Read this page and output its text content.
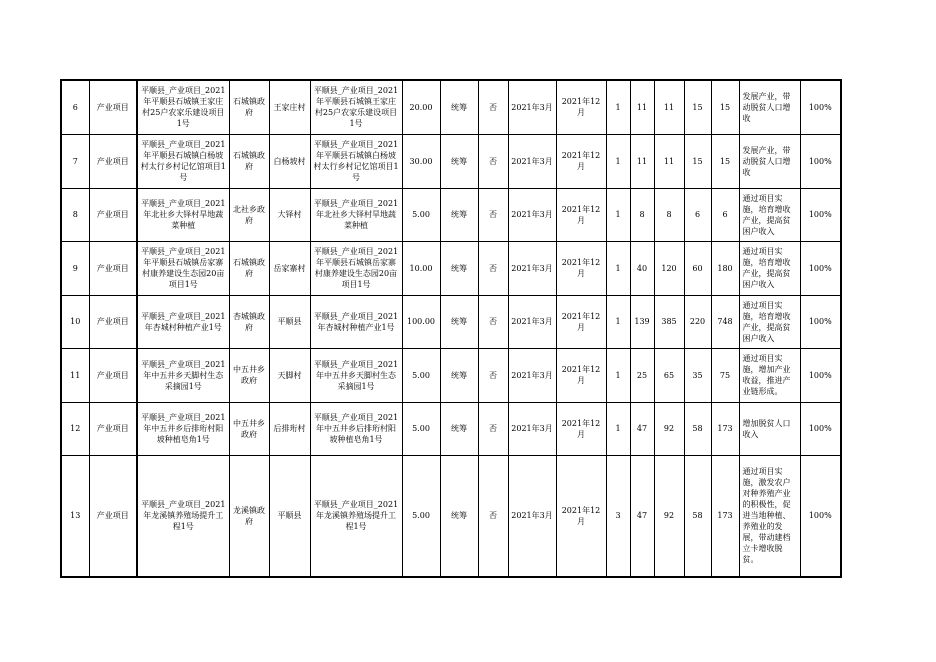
6	产业项目	平顺县_产业项目_2021年平顺县石城镇王家庄村25户农家乐建设项目1号	石城镇政府	王家庄村	平顺县_产业项目_2021年平顺县石城镇王家庄村25户农家乐建设项目1号	20.00	统筹	否	2021年3月	2021年12月	1	11	11	15	15	发展产业，带动脱贫人口增收	100%
7	产业项目	平顺县_产业项目_2021年平顺县石城镇白杨坡村太行乡村记忆馆项目1号	石城镇政府	白杨坡村	平顺县_产业项目_2021年平顺县石城镇白杨坡村太行乡村记忆馆项目1号	30.00	统筹	否	2021年3月	2021年12月	1	11	11	15	15	发展产业，带动脱贫人口增收	100%
8	产业项目	平顺县_产业项目_2021年北社乡大铎村旱地蔬菜种植	北社乡政府	大铎村	平顺县_产业项目_2021年北社乡大铎村旱地蔬菜种植	5.00	统筹	否	2021年3月	2021年12月	1	8	8	6	6	通过项目实施，培育增收产业，提高贫困户收入	100%
9	产业项目	平顺县_产业项目_2021年平顺县石城镇岳家寨村康养建设生态园20亩项目1号	石城镇政府	岳家寨村	平顺县_产业项目_2021年平顺县石城镇岳家寨村康养建设生态园20亩项目1号	10.00	统筹	否	2021年3月	2021年12月	1	40	120	60	180	通过项目实施，培育增收产业，提高贫困户收入	100%
10	产业项目	平顺县_产业项目_2021年杏城村种植产业1号	杏城镇政府	平顺县	平顺县_产业项目_2021年杏城村种植产业1号	100.00	统筹	否	2021年3月	2021年12月	1	139	385	220	748	通过项目实施，培育增收产业，提高贫困户收入	100%
11	产业项目	平顺县_产业项目_2021年中五井乡天脚村生态采摘园1号	中五井乡政府	天脚村	平顺县_产业项目_2021年中五井乡天脚村生态采摘园1号	5.00	统筹	否	2021年3月	2021年12月	1	25	65	35	75	通过项目实施，增加产业收益，推进产业链形成。	100%
12	产业项目	平顺县_产业项目_2021年中五井乡后排珩村阳坡种植皂角1号	中五井乡政府	后排珩村	平顺县_产业项目_2021年中五井乡后排珩村阳坡种植皂角1号	5.00	统筹	否	2021年3月	2021年12月	1	47	92	58	173	增加脱贫人口收入	100%
13	产业项目	平顺县_产业项目_2021年龙溪镇养殖场提升工程1号	龙溪镇政府	平顺县	平顺县_产业项目_2021年龙溪镇养殖场提升工程1号	5.00	统筹	否	2021年3月	2021年12月	3	47	92	58	173	通过项目实施，激发农户对种养殖产业的积极性，促进当地种植、养殖业的发展，带动建档立卡增收脱贫。	100%
